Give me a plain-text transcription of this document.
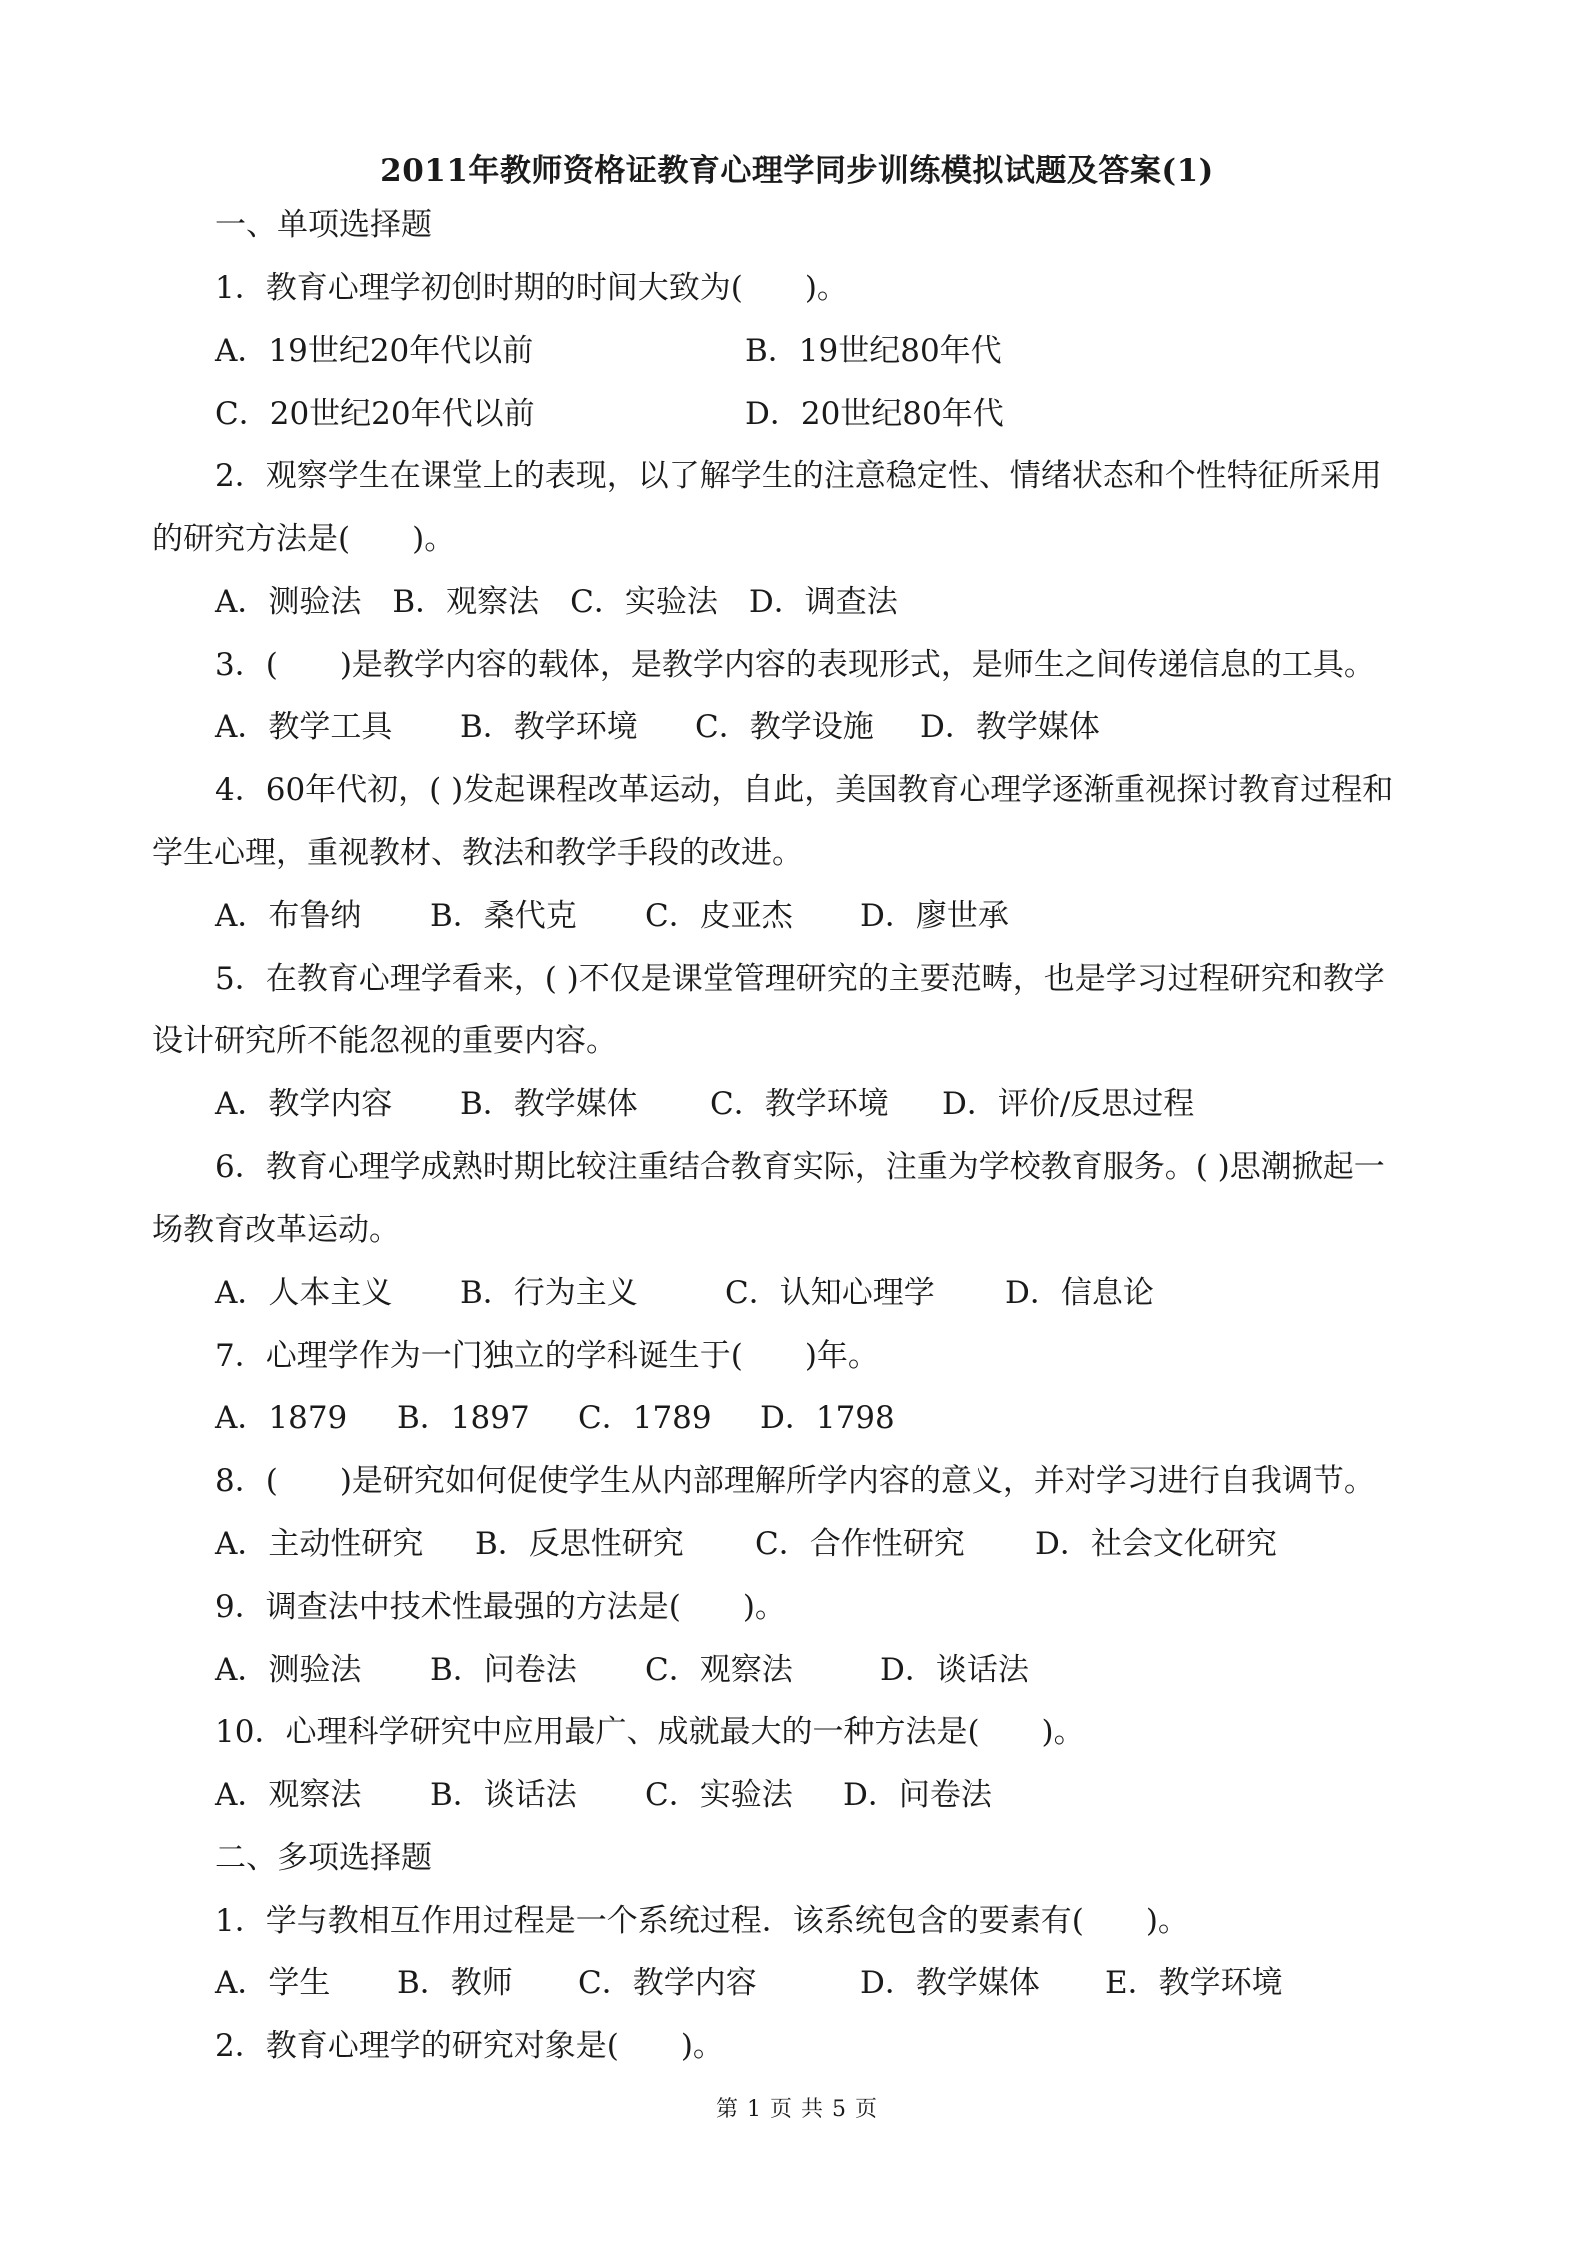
2011年教师资格证教育心理学同步训练模拟试题及答案(1)
一、单项选择题
1．教育心理学初创时期的时间大致为(　　)。
A．19世纪20年代以前	B．19世纪80年代
C．20世纪20年代以前	D．20世纪80年代
2．观察学生在课堂上的表现，以了解学生的注意稳定性、情绪状态和个性特征所采用
的研究方法是(　　)。
A．测验法　B．观察法　C．实验法　D．调查法
3．(　　)是教学内容的载体，是教学内容的表现形式，是师生之间传递信息的工具。
A．教学工具 B．教学环境 C．教学设施 D．教学媒体
4．60年代初，( )发起课程改革运动，自此，美国教育心理学逐渐重视探讨教育过程和
学生心理，重视教材、教法和教学手段的改进。
A．布鲁纳 B．桑代克 C．皮亚杰 D．廖世承
5．在教育心理学看来，( )不仅是课堂管理研究的主要范畴，也是学习过程研究和教学
设计研究所不能忽视的重要内容。
A．教学内容 B．教学媒体 C．教学环境 D．评价/反思过程
6．教育心理学成熟时期比较注重结合教育实际，注重为学校教育服务。( )思潮掀起一
场教育改革运动。
A．人本主义 B．行为主义	C．认知心理学 D．信息论
7．心理学作为一门独立的学科诞生于(　　)年。
A．1879 B．1897 C．1789 D．1798
8．(　　)是研究如何促使学生从内部理解所学内容的意义，并对学习进行自我调节。
A．主动性研究 B．反思性研究 C．合作性研究 D．社会文化研究
9．调查法中技术性最强的方法是(　　)。
A．测验法 B．问卷法 C．观察法	D．谈话法
10．心理科学研究中应用最广、成就最大的一种方法是(　　)。
A．观察法 B．谈话法 C．实验法 D．问卷法
二、多项选择题
1．学与教相互作用过程是一个系统过程．该系统包含的要素有(　　)。
A．学生 B．教师 C．教学内容	D．教学媒体 E．教学环境
2．教育心理学的研究对象是(　　)。
第 1 页 共 5 页
